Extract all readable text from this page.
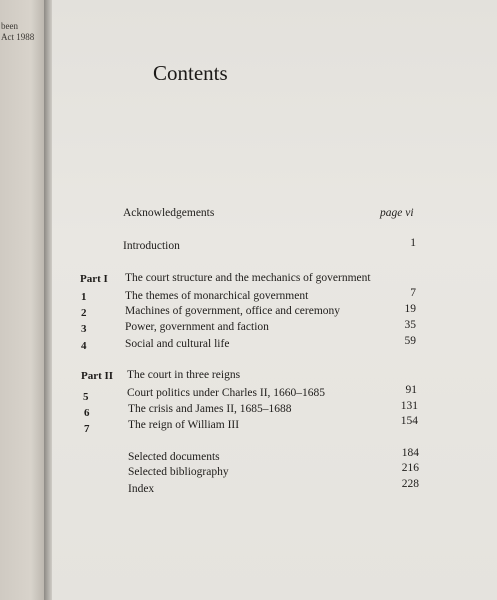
been
Act 1988
Contents
Acknowledgements	page vi
Introduction	1
Part I The court structure and the mechanics of government
1	The themes of monarchical government	7
2	Machines of government, office and ceremony	19
3	Power, government and faction	35
4	Social and cultural life	59
Part II The court in three reigns
5	Court politics under Charles II, 1660–1685	91
6	The crisis and James II, 1685–1688	131
7	The reign of William III	154
Selected documents	184
Selected bibliography	216
Index	228
